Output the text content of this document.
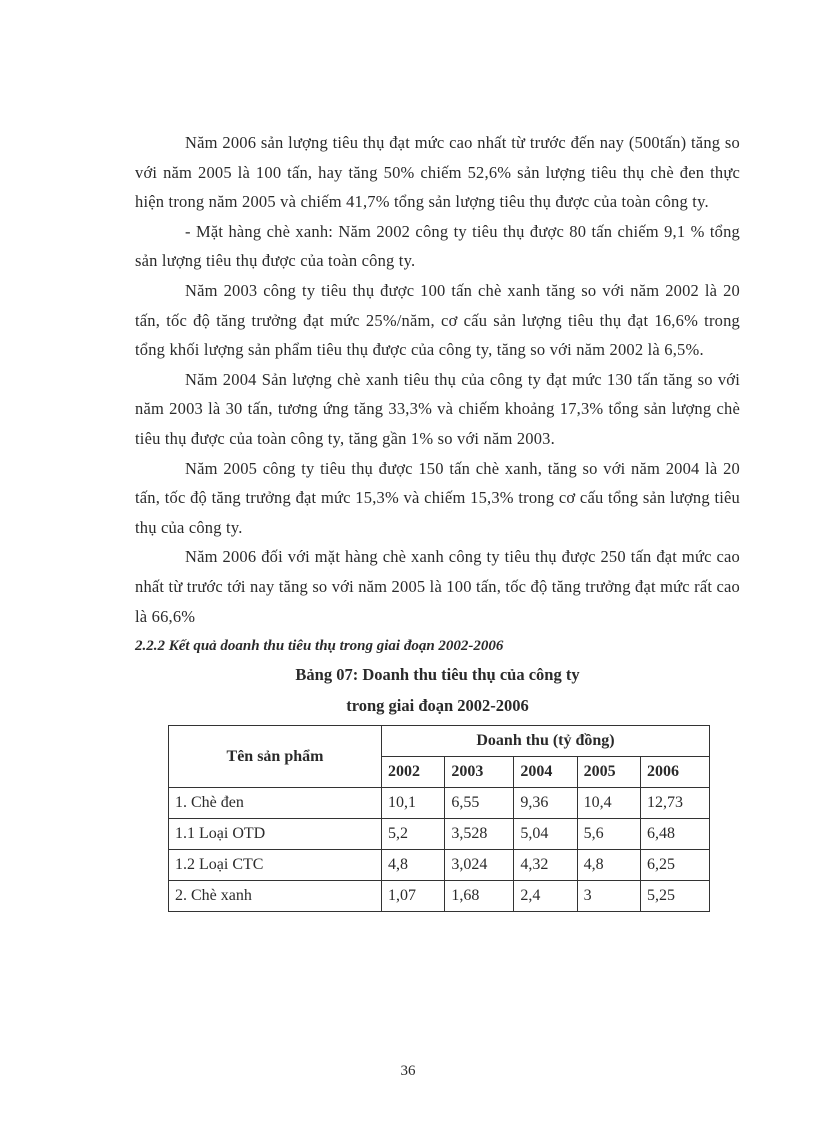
Năm 2006 sản lượng tiêu thụ đạt mức cao nhất từ trước đến nay (500tấn) tăng so với năm 2005 là 100 tấn, hay tăng 50% chiếm 52,6% sản lượng tiêu thụ chè đen thực hiện trong năm 2005 và chiếm 41,7% tổng sản lượng tiêu thụ được của toàn công ty.

- Mặt hàng chè xanh: Năm 2002 công ty tiêu thụ được 80 tấn chiếm 9,1 % tổng sản lượng tiêu thụ được của toàn công ty.

Năm 2003 công ty tiêu thụ được 100 tấn chè xanh tăng so với năm 2002 là 20 tấn, tốc độ tăng trưởng đạt mức 25%/năm, cơ cấu sản lượng tiêu thụ đạt 16,6% trong tổng khối lượng sản phẩm tiêu thụ được của công ty, tăng so với năm 2002 là 6,5%.

Năm 2004 Sản lượng chè xanh tiêu thụ của công ty đạt mức 130 tấn tăng so với năm 2003 là 30 tấn, tương ứng tăng 33,3% và chiếm khoảng 17,3% tổng sản lượng chè tiêu thụ được của toàn công ty, tăng gần 1% so với năm 2003.

Năm 2005 công ty tiêu thụ được 150 tấn chè xanh, tăng so với năm 2004 là 20 tấn, tốc độ tăng trưởng đạt mức 15,3% và chiếm 15,3% trong cơ cấu tổng sản lượng tiêu thụ của công ty.

Năm 2006 đối với mặt hàng chè xanh công ty tiêu thụ được 250 tấn đạt mức cao nhất từ trước tới nay tăng so với năm 2005 là 100 tấn, tốc độ tăng trưởng đạt mức rất cao là 66,6%

2.2.2 Kết quả doanh thu tiêu thụ trong giai đoạn 2002-2006
Bảng 07: Doanh thu tiêu thụ của công ty
trong giai đoạn 2002-2006
Tên sản phẩm	Doanh thu (tỷ đồng)				
	2002	2003	2004	2005	2006
1. Chè đen	10,1	6,55	9,36	10,4	12,73
1.1 Loại OTD	5,2	3,528	5,04	5,6	6,48
1.2 Loại CTC	4,8	3,024	4,32	4,8	6,25
2. Chè xanh	1,07	1,68	2,4	3	5,25
36
